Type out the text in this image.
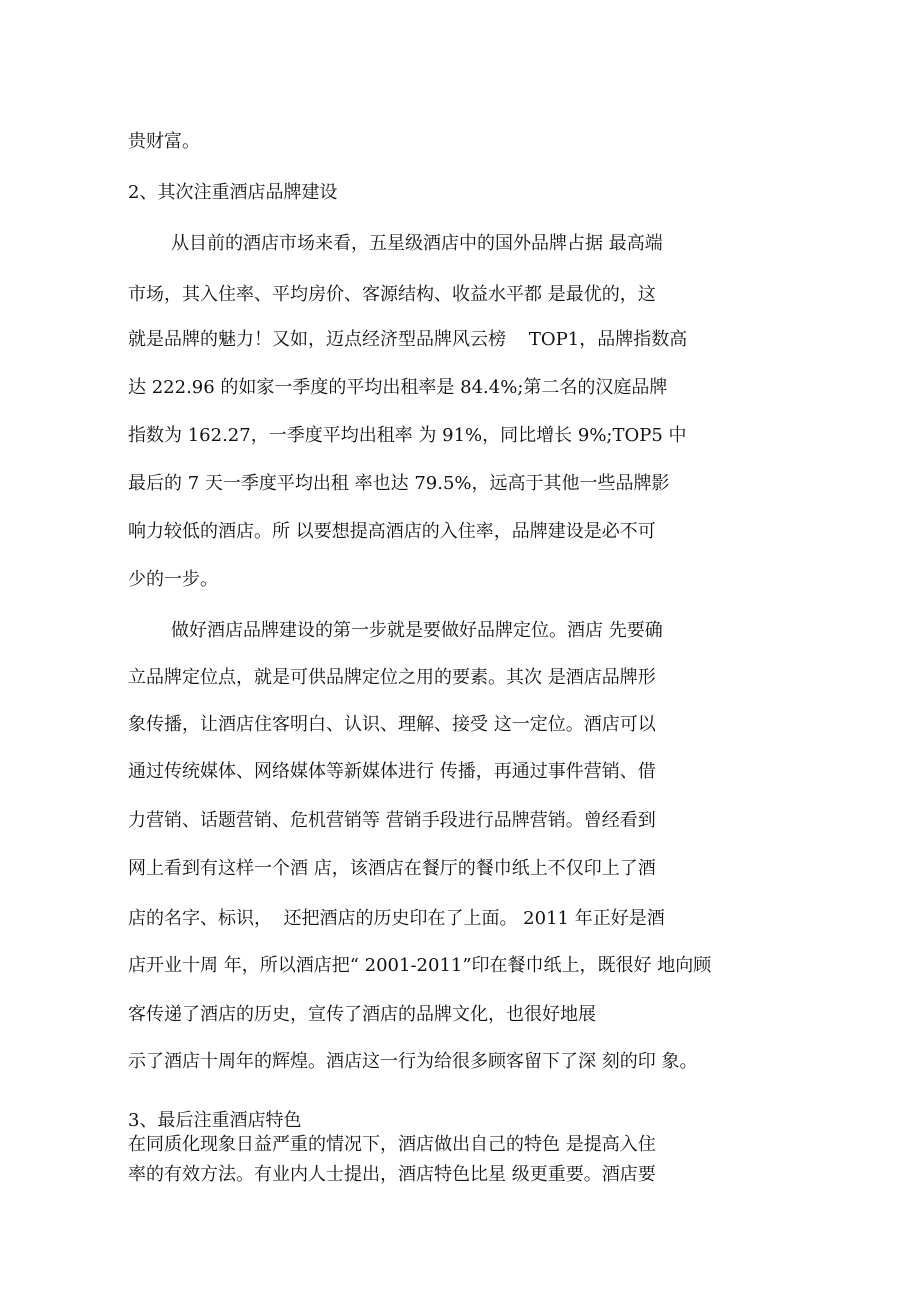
贵财富。

2、其次注重酒店品牌建设

从目前的酒店市场来看，五星级酒店中的国外品牌占据 最高端

市场，其入住率、平均房价、客源结构、收益水平都 是最优的，这

就是品牌的魅力！又如，迈点经济型品牌风云榜    TOP1，品牌指数高

达 222.96 的如家一季度的平均出租率是 84.4%;第二名的汉庭品牌

指数为 162.27，一季度平均出租率 为 91%，同比增长 9%;TOP5 中

最后的 7 天一季度平均出租 率也达 79.5%，远高于其他一些品牌影

响力较低的酒店。所 以要想提高酒店的入住率，品牌建设是必不可

少的一步。

做好酒店品牌建设的第一步就是要做好品牌定位。酒店 先要确

立品牌定位点，就是可供品牌定位之用的要素。其次 是酒店品牌形

象传播，让酒店住客明白、认识、理解、接受 这一定位。酒店可以

通过传统媒体、网络媒体等新媒体进行 传播，再通过事件营销、借

力营销、话题营销、危机营销等 营销手段进行品牌营销。曾经看到

网上看到有这样一个酒 店，该酒店在餐厅的餐巾纸上不仅印上了酒

店的名字、标识，  还把酒店的历史印在了上面。 2011 年正好是酒

店开业十周 年，所以酒店把“ 2001-2011”印在餐巾纸上，既很好 地向顾

客传递了酒店的历史，宣传了酒店的品牌文化，也很好地展

示了酒店十周年的辉煌。酒店这一行为给很多顾客留下了深 刻的印 象。

3、最后注重酒店特色

在同质化现象日益严重的情况下，酒店做出自己的特色 是提高入住

率的有效方法。有业内人士提出，酒店特色比星 级更重要。酒店要
